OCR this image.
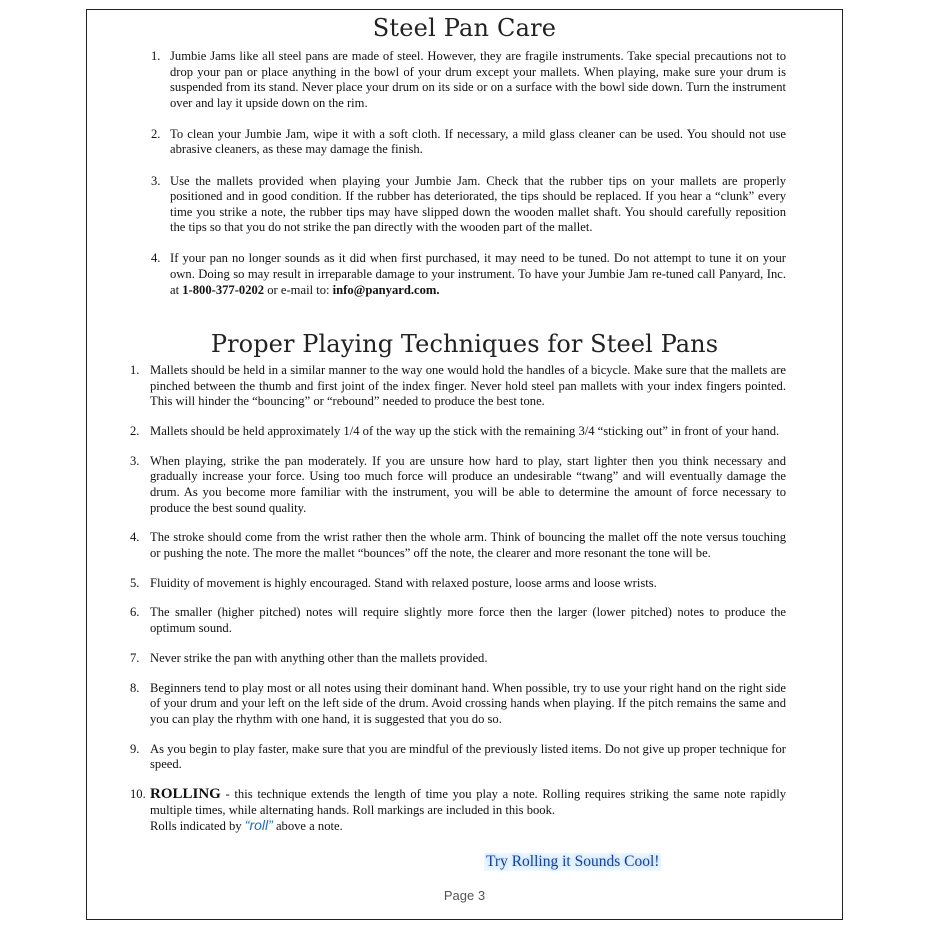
Steel Pan Care
1. Jumbie Jams like all steel pans are made of steel. However, they are fragile instruments. Take special precautions not to drop your pan or place anything in the bowl of your drum except your mallets. When playing, make sure your drum is suspended from its stand. Never place your drum on its side or on a surface with the bowl side down. Turn the instrument over and lay it upside down on the rim.
2. To clean your Jumbie Jam, wipe it with a soft cloth. If necessary, a mild glass cleaner can be used. You should not use abrasive cleaners, as these may damage the finish.
3. Use the mallets provided when playing your Jumbie Jam. Check that the rubber tips on your mallets are properly positioned and in good condition. If the rubber has deteriorated, the tips should be replaced. If you hear a “clunk” every time you strike a note, the rubber tips may have slipped down the wooden mallet shaft. You should carefully reposition the tips so that you do not strike the pan directly with the wooden part of the mallet.
4. If your pan no longer sounds as it did when first purchased, it may need to be tuned. Do not attempt to tune it on your own. Doing so may result in irreparable damage to your instrument. To have your Jumbie Jam re-tuned call Panyard, Inc. at 1-800-377-0202 or e-mail to: info@panyard.com.
Proper Playing Techniques for Steel Pans
1. Mallets should be held in a similar manner to the way one would hold the handles of a bicycle. Make sure that the mallets are pinched between the thumb and first joint of the index finger. Never hold steel pan mallets with your index fingers pointed. This will hinder the “bouncing” or “rebound” needed to produce the best tone.
2. Mallets should be held approximately 1/4 of the way up the stick with the remaining 3/4 “sticking out” in front of your hand.
3. When playing, strike the pan moderately. If you are unsure how hard to play, start lighter then you think necessary and gradually increase your force. Using too much force will produce an undesirable “twang” and will eventually damage the drum. As you become more familiar with the instrument, you will be able to determine the amount of force necessary to produce the best sound quality.
4. The stroke should come from the wrist rather then the whole arm. Think of bouncing the mallet off the note versus touching or pushing the note. The more the mallet “bounces” off the note, the clearer and more resonant the tone will be.
5. Fluidity of movement is highly encouraged. Stand with relaxed posture, loose arms and loose wrists.
6. The smaller (higher pitched) notes will require slightly more force then the larger (lower pitched) notes to produce the optimum sound.
7. Never strike the pan with anything other than the mallets provided.
8. Beginners tend to play most or all notes using their dominant hand. When possible, try to use your right hand on the right side of your drum and your left on the left side of the drum. Avoid crossing hands when playing. If the pitch remains the same and you can play the rhythm with one hand, it is suggested that you do so.
9. As you begin to play faster, make sure that you are mindful of the previously listed items. Do not give up proper technique for speed.
10. ROLLING - this technique extends the length of time you play a note. Rolling requires striking the same note rapidly multiple times, while alternating hands. Roll markings are included in this book.
Rolls indicated by “roll” above a note.
Try Rolling it Sounds Cool!
Page 3
